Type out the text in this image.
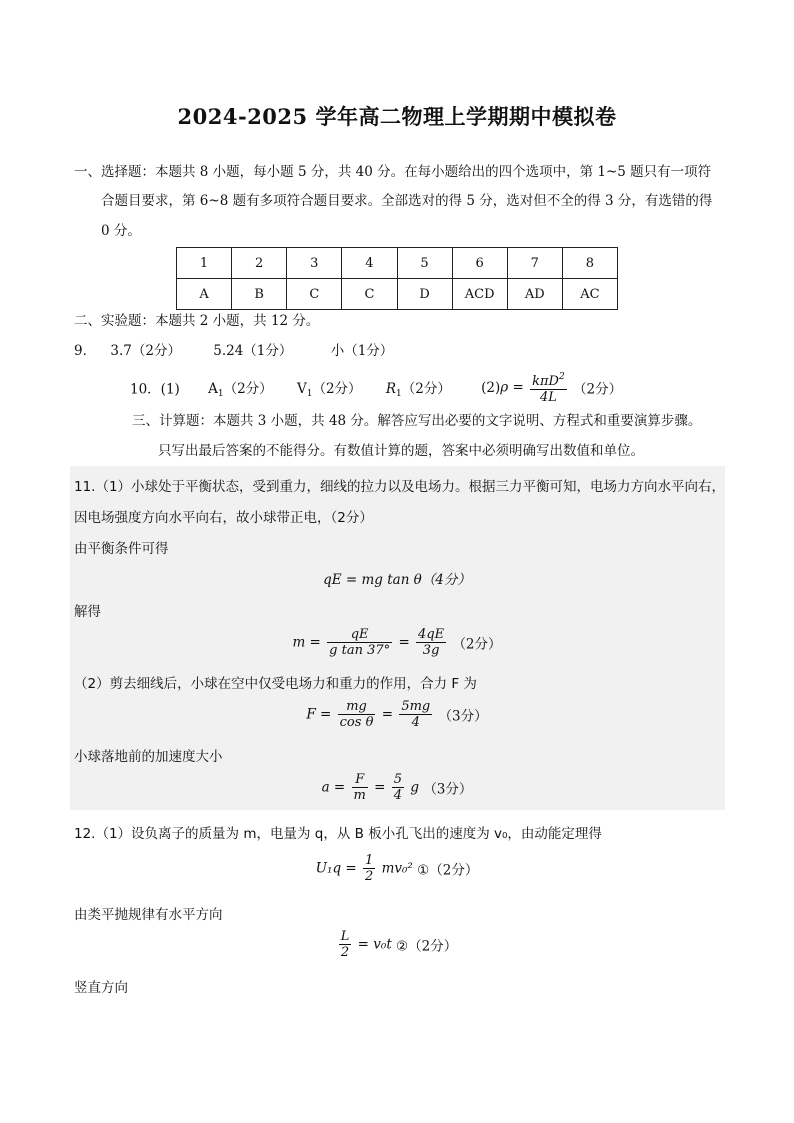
2024-2025 学年高二物理上学期期中模拟卷
一、选择题：本题共 8 小题，每小题 5 分，共 40 分。在每小题给出的四个选项中，第 1~5 题只有一项符
合题目要求，第 6~8 题有多项符合题目要求。全部选对的得 5 分，选对但不全的得 3 分，有选错的得
0 分。
1	2	3	4	5	6	7	8
A	B	C	C	D	ACD	AD	AC
二、实验题：本题共 2 小题，共 12 分。
9． 3.7（2分） 5.24（1分）	小（1分）
10．(1) $A_1(2$分） $V_1(2$分） $R_1(2$分） $(2)\rho = \frac{k\pi D^2}{4L} (2$分）
三、计算题：本题共 3 小题，共 48 分。解答应写出必要的文字说明、方程式和重要演算步骤。
只写出最后答案的不能得分。有数值计算的题，答案中必须明确写出数值和单位。
11.（1）小球处于平衡状态，受到重力，细线的拉力以及电场力。根据三力平衡可知，电场力方向水平向右，
因电场强度方向水平向右，故小球带正电，（2分）
由平衡条件可得
qE = mg tan θ（4分）
解得
$m = \frac{qE}{\text{g tan 37°}} = \frac{4qE}{3g} (2$分）
（2）剪去细线后，小球在空中仅受电场力和重力的作用，合力 F 为
$F = \frac{mg}{\text{cos θ}} = \frac{5mg}{4} (3$分）
小球落地前的加速度大小
$a = \frac{F}{m} = \frac{5}{4}$ g （3分）
12.（1）设负离子的质量为 m，电量为 q，从 B 板小孔飞出的速度为 v₀，由动能定理得
$U_1q = \frac{1}{2} mv_0^2$ ①（2分）
由类平抛规律有水平方向
$\frac{L}{2} = v_0t$ ②（2分）
竖直方向
